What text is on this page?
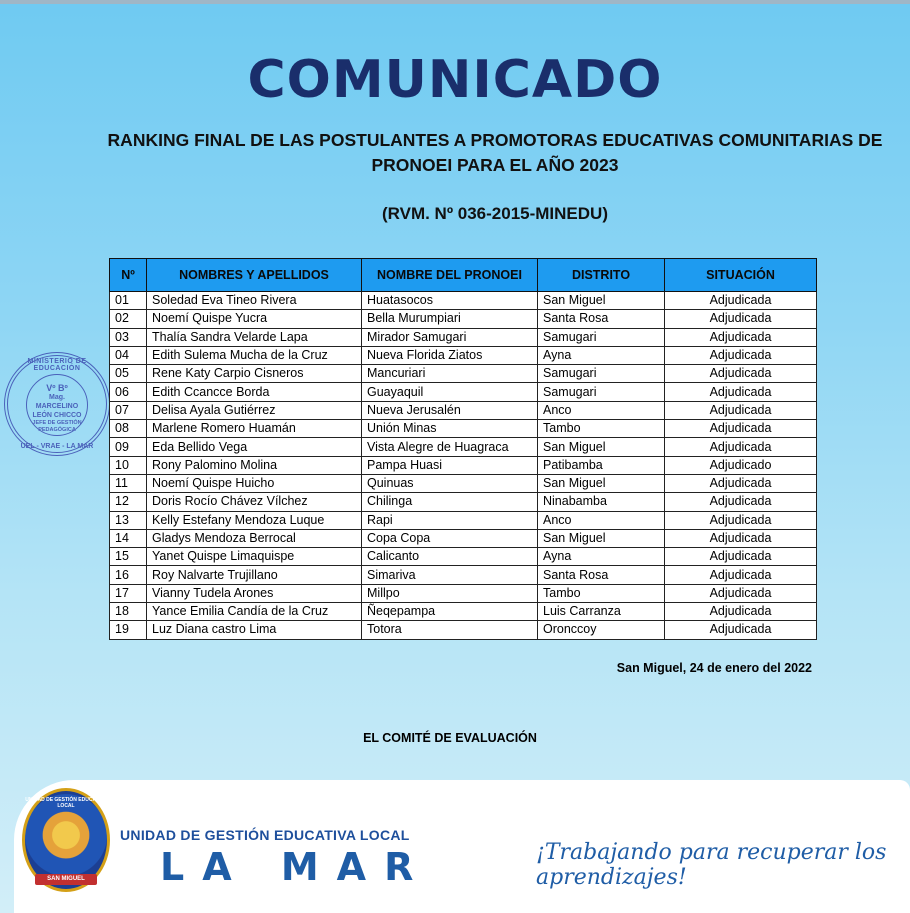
COMUNICADO
RANKING FINAL DE LAS POSTULANTES A PROMOTORAS EDUCATIVAS COMUNITARIAS DE
PRONOEI PARA EL AÑO 2023
(RVM. Nº 036-2015-MINEDU)
MINISTERIO DE EDUCACIÓN
Vº Bº
Mag. MARCELINO LEÓN CHICCO
JEFE DE GESTIÓN PEDAGÓGICA
UEL - VRAE - LA MAR
Nº	NOMBRES Y APELLIDOS	NOMBRE DEL PRONOEI	DISTRITO	SITUACIÓN
01	Soledad Eva Tineo Rivera	Huatasocos	San Miguel	Adjudicada
02	Noemí Quispe Yucra	Bella Murumpiari	Santa Rosa	Adjudicada
03	Thalía Sandra Velarde Lapa	Mirador Samugari	Samugari	Adjudicada
04	Edith Sulema Mucha de la Cruz	Nueva Florida Ziatos	Ayna	Adjudicada
05	Rene Katy Carpio Cisneros	Mancuriari	Samugari	Adjudicada
06	Edith Ccancce Borda	Guayaquil	Samugari	Adjudicada
07	Delisa Ayala Gutiérrez	Nueva Jerusalén	Anco	Adjudicada
08	Marlene Romero Huamán	Unión Minas	Tambo	Adjudicada
09	Eda Bellido Vega	Vista Alegre de Huagraca	San Miguel	Adjudicada
10	Rony Palomino Molina	Pampa Huasi	Patibamba	Adjudicado
11	Noemí Quispe Huicho	Quinuas	San Miguel	Adjudicada
12	Doris Rocío Chávez Vílchez	Chilinga	Ninabamba	Adjudicada
13	Kelly Estefany Mendoza Luque	Rapi	Anco	Adjudicada
14	Gladys Mendoza Berrocal	Copa Copa	San Miguel	Adjudicada
15	Yanet Quispe Limaquispe	Calicanto	Ayna	Adjudicada
16	Roy Nalvarte Trujillano	Simariva	Santa Rosa	Adjudicada
17	Vianny Tudela Arones	Millpo	Tambo	Adjudicada
18	Yance Emilia Candía de la Cruz	Ñeqepampa	Luis Carranza	Adjudicada
19	Luz Diana castro Lima	Totora	Oronccoy	Adjudicada
San Miguel, 24 de enero del 2022
EL COMITÉ DE EVALUACIÓN
UNIDAD DE GESTIÓN EDUCATIVA LOCAL
SAN MIGUEL
UNIDAD DE GESTIÓN EDUCATIVA LOCAL
LA MAR	¡Trabajando para recuperar los aprendizajes!
